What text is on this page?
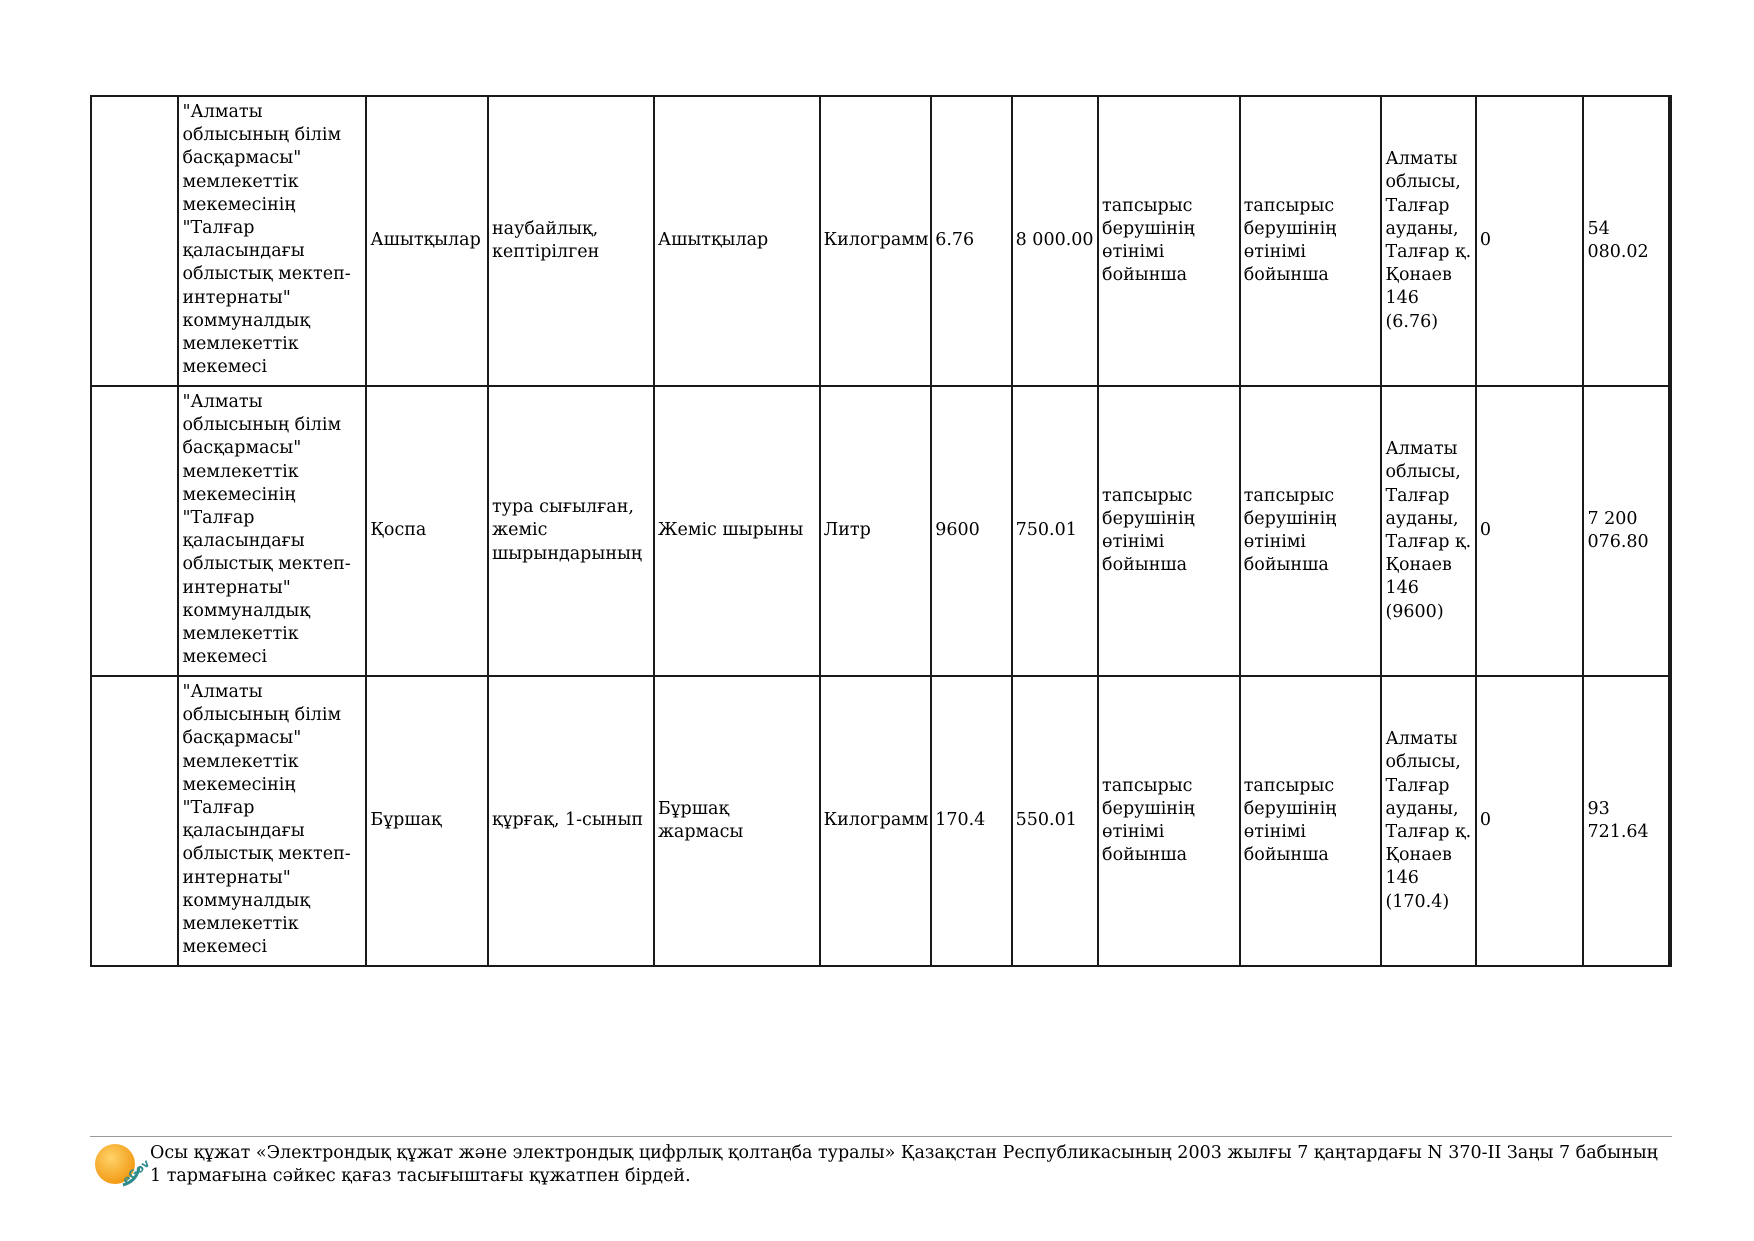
	"Алматы облысының білім басқармасы" мемлекеттік мекемесінің "Талғар қаласындағы облыстық мектеп-интернаты" коммуналдық мемлекеттік мекемесі	Ашытқылар	наубайлық, кептірілген	Ашытқылар	Килограмм	6.76	8 000.00	тапсырыс берушінің өтінімі бойынша	тапсырыс берушінің өтінімі бойынша	Алматы облысы, Талғар ауданы, Талғар қ. Қонаев 146 (6.76)	0	54 080.02
	"Алматы облысының білім басқармасы" мемлекеттік мекемесінің "Талғар қаласындағы облыстық мектеп-интернаты" коммуналдық мемлекеттік мекемесі	Қоспа	тура сығылған, жеміс шырындарының	Жеміс шырыны	Литр	9600	750.01	тапсырыс берушінің өтінімі бойынша	тапсырыс берушінің өтінімі бойынша	Алматы облысы, Талғар ауданы, Талғар қ. Қонаев 146 (9600)	0	7 200 076.80
	"Алматы облысының білім басқармасы" мемлекеттік мекемесінің "Талғар қаласындағы облыстық мектеп-интернаты" коммуналдық мемлекеттік мекемесі	Бұршақ	құрғақ, 1-сынып	Бұршақ жармасы	Килограмм	170.4	550.01	тапсырыс берушінің өтінімі бойынша	тапсырыс берушінің өтінімі бойынша	Алматы облысы, Талғар ауданы, Талғар қ. Қонаев 146 (170.4)	0	93 721.64
eGov
Осы құжат «Электрондық құжат және электрондық цифрлық қолтаңба туралы» Қазақстан Республикасының 2003 жылғы 7 қаңтардағы N 370-II Заңы 7 бабының 1 тармағына сәйкес қағаз тасығыштағы құжатпен бірдей.
